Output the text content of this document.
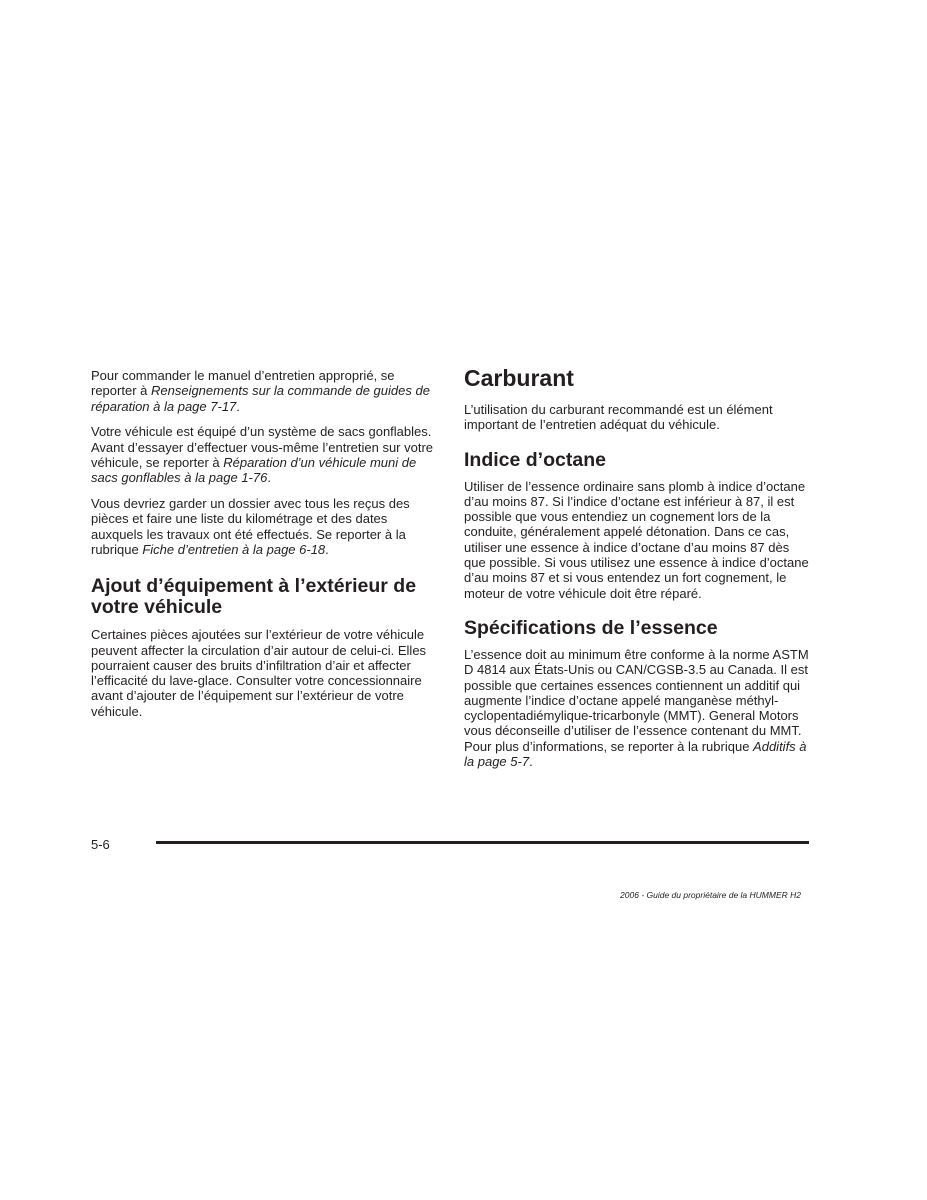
Pour commander le manuel d’entretien approprié, se reporter à Renseignements sur la commande de guides de réparation à la page 7-17.

Votre véhicule est équipé d’un système de sacs gonflables. Avant d’essayer d’effectuer vous-même l’entretien sur votre véhicule, se reporter à Réparation d’un véhicule muni de sacs gonflables à la page 1-76.

Vous devriez garder un dossier avec tous les reçus des pièces et faire une liste du kilométrage et des dates auxquels les travaux ont été effectués. Se reporter à la rubrique Fiche d’entretien à la page 6-18.

Ajout d’équipement à l’extérieur de votre véhicule

Certaines pièces ajoutées sur l’extérieur de votre véhicule peuvent affecter la circulation d’air autour de celui-ci. Elles pourraient causer des bruits d’infiltration d’air et affecter l’efficacité du lave-glace. Consulter votre concessionnaire avant d’ajouter de l’équipement sur l’extérieur de votre véhicule.

Carburant

L’utilisation du carburant recommandé est un élément important de l’entretien adéquat du véhicule.

Indice d’octane

Utiliser de l’essence ordinaire sans plomb à indice d’octane d’au moins 87. Si l’indice d’octane est inférieur à 87, il est possible que vous entendiez un cognement lors de la conduite, généralement appelé détonation. Dans ce cas, utiliser une essence à indice d’octane d’au moins 87 dès que possible. Si vous utilisez une essence à indice d’octane d’au moins 87 et si vous entendez un fort cognement, le moteur de votre véhicule doit être réparé.

Spécifications de l’essence

L’essence doit au minimum être conforme à la norme ASTM D 4814 aux États-Unis ou CAN/CGSB-3.5 au Canada. Il est possible que certaines essences contiennent un additif qui augmente l’indice d’octane appelé manganèse méthyl-cyclopentadiémylique-tricarbonyle (MMT). General Motors vous déconseille d’utiliser de l’essence contenant du MMT. Pour plus d’informations, se reporter à la rubrique Additifs à la page 5-7.

5-6
2006 - Guide du propriétaire de la HUMMER H2
